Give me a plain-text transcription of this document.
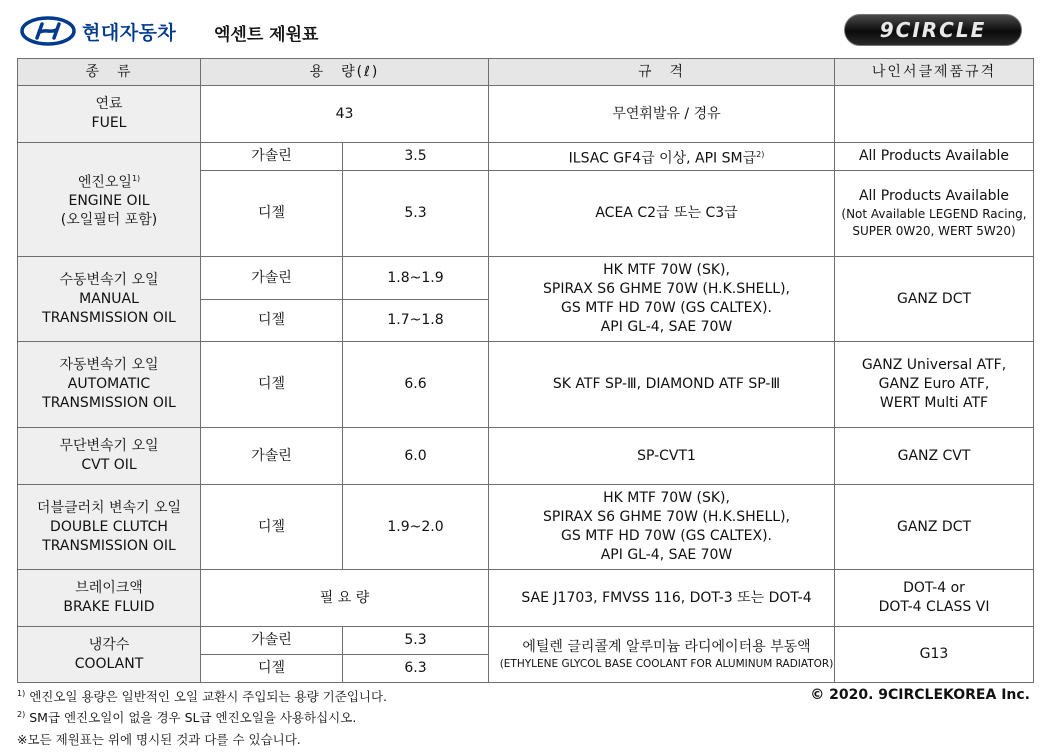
현대자동차 엑센트 제원표	9CIRCLE
종　류	용　량(ℓ)		규　격	나인서클제품규격
연료
FUEL	43		무연휘발유 / 경유	
엔진오일$^{1)}$
ENGINE OIL
(오일필터 포함)	가솔린	3.5	ILSAC GF4급 이상, API SM급$^{2)}$	All Products Available
	디젤	5.3	ACEA C2급 또는 C3급	All Products Available
(Not Available LEGEND Racing,
SUPER 0W20, WERT 5W20)

수동변속기 오일
MANUAL
TRANSMISSION OIL	가솔린	1.8~1.9	HK MTF 70W (SK),
SPIRAX S6 GHME 70W (H.K.SHELL),
GS MTF HD 70W (GS CALTEX).
API GL-4, SAE 70W	GANZ DCT
	디젤	1.7~1.8		
자동변속기 오일
AUTOMATIC
TRANSMISSION OIL	디젤	6.6	SK ATF SP-Ⅲ, DIAMOND ATF SP-Ⅲ	GANZ Universal ATF,
GANZ Euro ATF,
WERT Multi ATF
무단변속기 오일
CVT OIL	가솔린	6.0	SP-CVT1	GANZ CVT
더블클러치 변속기 오일
DOUBLE CLUTCH
TRANSMISSION OIL	디젤	1.9~2.0	HK MTF 70W (SK),
SPIRAX S6 GHME 70W (H.K.SHELL),
GS MTF HD 70W (GS CALTEX).
API GL-4, SAE 70W	GANZ DCT
브레이크액
BRAKE FLUID	필 요 량		SAE J1703, FMVSS 116, DOT-3 또는 DOT-4	DOT-4 or
DOT-4 CLASS VI
냉각수
COOLANT	가솔린	5.3	에틸렌 글리콜계 알루미늄 라디에이터용 부동액
(ETHYLENE GLYCOL BASE COOLANT FOR ALUMINUM RADIATOR)	G13
	디젤	6.3		
$^{1)}$ 엔진오일 용량은 일반적인 오일 교환시 주입되는 용량 기준입니다.
$^{2)}$ SM급 엔진오일이 없을 경우 SL급 엔진오일을 사용하십시오.
※모든 제원표는 위에 명시된 것과 다를 수 있습니다.
© 2020. 9CIRCLEKOREA Inc.
